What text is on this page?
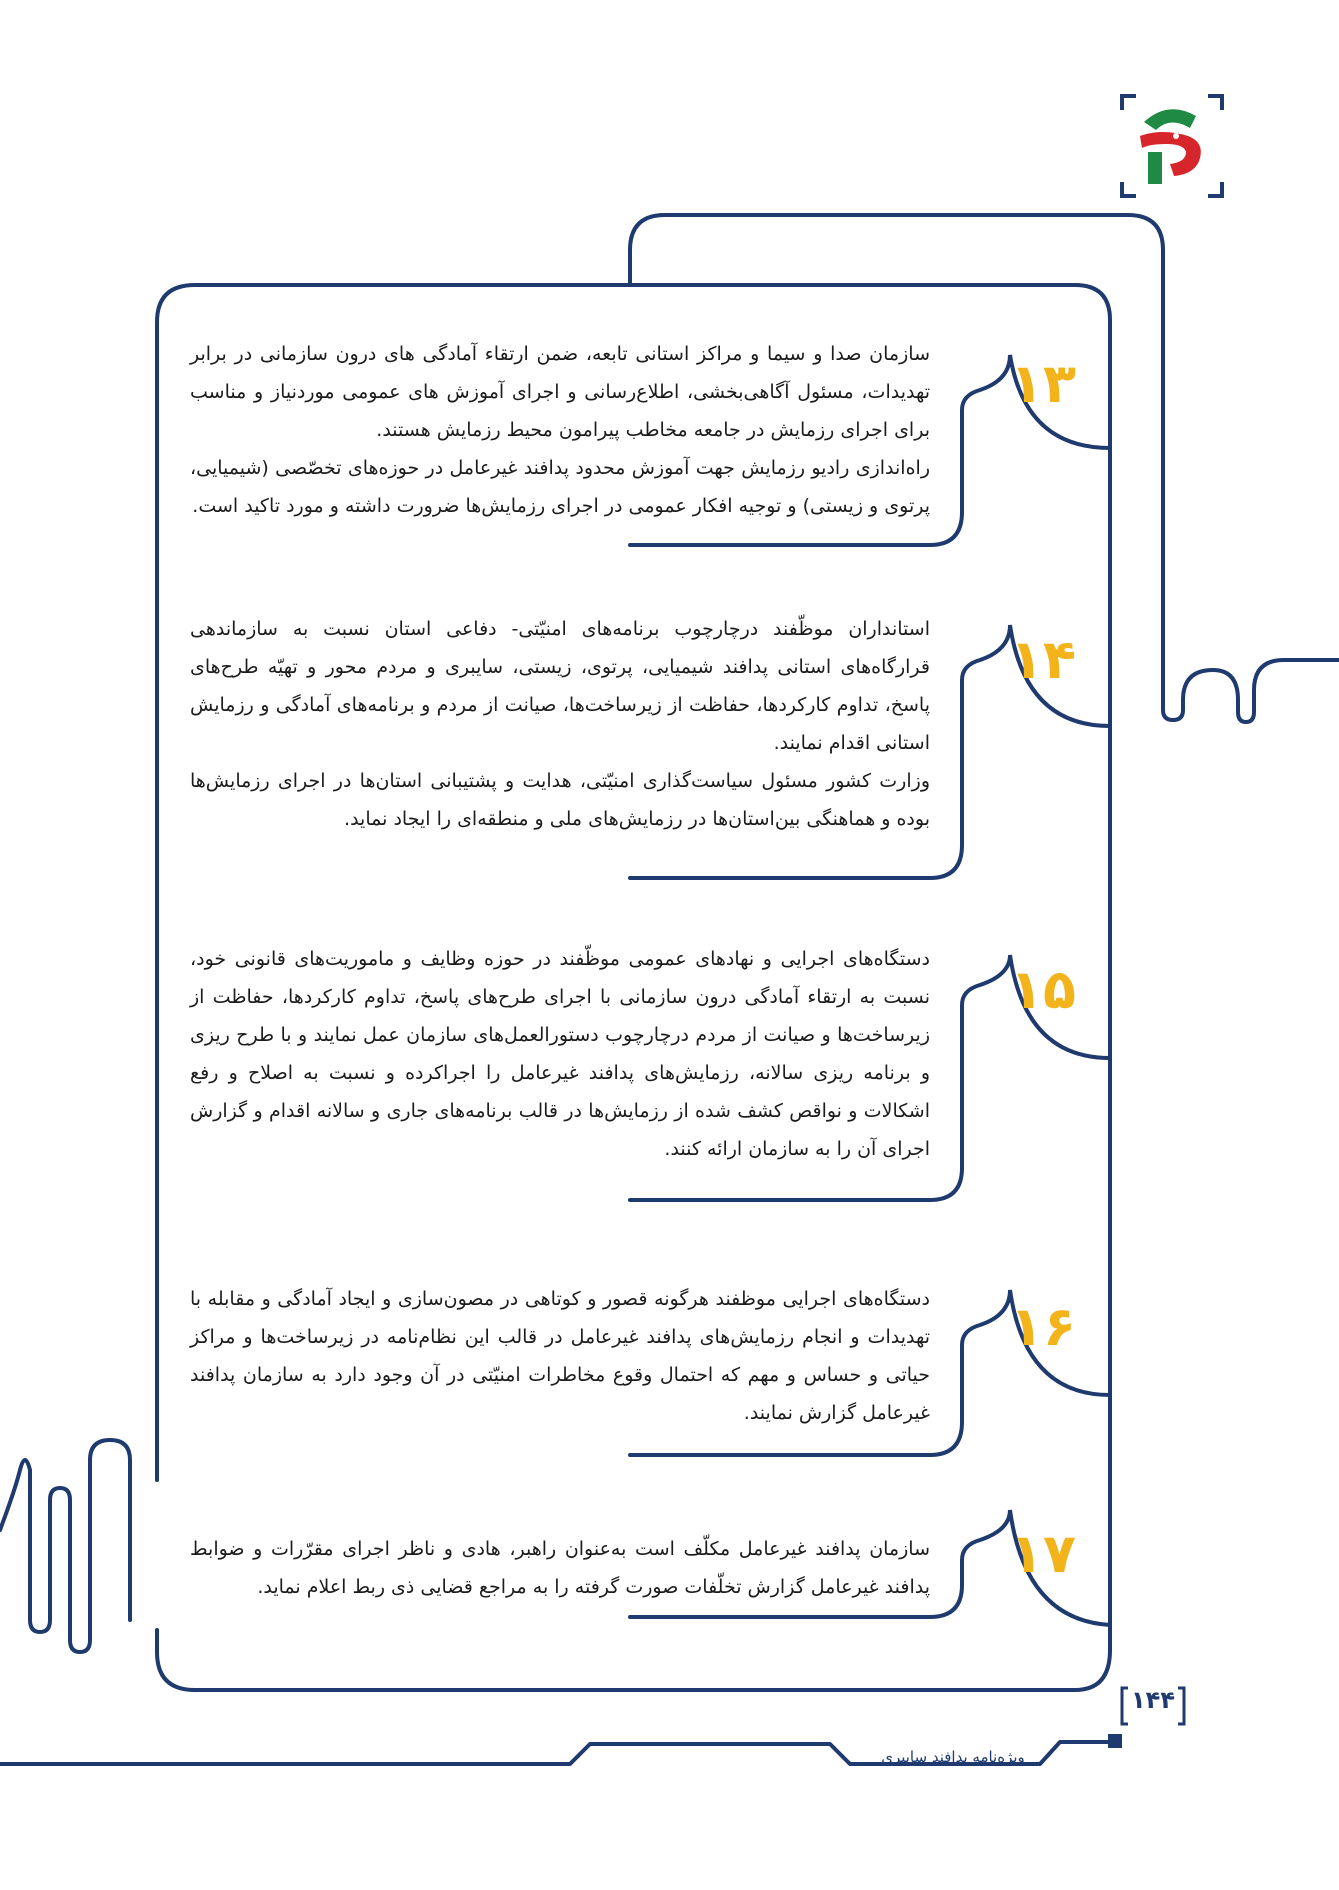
۱۳

سازمان صدا و سیما و مراکز استانی تابعه، ضمن ارتقاء آمادگی های درون سازمانی در برابر تهدیدات، مسئول آگاهی‌بخشی، اطلاع‌رسانی و اجرای آموزش های عمومی موردنیاز و مناسب برای اجرای رزمایش در جامعه مخاطب پیرامون محیط رزمایش هستند.

راه‌اندازی رادیو رزمایش جهت آموزش محدود پدافند غیرعامل در حوزه‌های تخصّصی (شیمیایی، پرتوی و زیستی) و توجیه افکار عمومی در اجرای رزمایش‌ها ضرورت داشته و مورد تاکید است.

۱۴

استانداران موظّفند درچارچوب برنامه‌های امنیّتی- دفاعی استان نسبت به سازماندهی قرارگاه‌های استانی پدافند شیمیایی، پرتوی، زیستی، سایبری و مردم محور و تهیّه طرح‌های پاسخ، تداوم کارکردها، حفاظت از زیرساخت‌ها، صیانت از مردم و برنامه‌های آمادگی و رزمایش استانی اقدام نمایند.

وزارت کشور مسئول سیاست‌گذاری امنیّتی، هدایت و پشتیبانی استان‌ها در اجرای رزمایش‌ها بوده و هماهنگی بین‌استان‌ها در رزمایش‌های ملی و منطقه‌ای را ایجاد نماید.

۱۵

دستگاه‌های اجرایی و نهادهای عمومی موظّفند در حوزه وظایف و ماموریت‌های قانونی خود، نسبت به ارتقاء آمادگی درون سازمانی با اجرای طرح‌های پاسخ، تداوم کارکردها، حفاظت از زیرساخت‌ها و صیانت از مردم درچارچوب دستورالعمل‌های سازمان عمل نمایند و با طرح ریزی و برنامه ریزی سالانه، رزمایش‌های پدافند غیرعامل را اجراکرده و نسبت به اصلاح و رفع اشکالات و نواقص کشف شده از رزمایش‌ها در قالب برنامه‌های جاری و سالانه اقدام و گزارش اجرای آن را به سازمان ارائه کنند.

۱۶

دستگاه‌های اجرایی موظفند هرگونه قصور و کوتاهی در مصون‌سازی و ایجاد آمادگی و مقابله با تهدیدات و انجام رزمایش‌های پدافند غیرعامل در قالب این نظام‌نامه در زیرساخت‌ها و مراکز حیاتی و حساس و مهم که احتمال وقوع مخاطرات امنیّتی در آن وجود دارد به سازمان پدافند غیرعامل گزارش نمایند.

۱۷

سازمان پدافند غیرعامل مکلّف است به‌عنوان راهبر، هادی و ناظر اجرای مقرّرات و ضوابط پدافند غیرعامل گزارش تخلّفات صورت گرفته را به مراجع قضایی ذی ربط اعلام نماید.

۱۴۴
ویژه‌نامه پدافند سایبری
